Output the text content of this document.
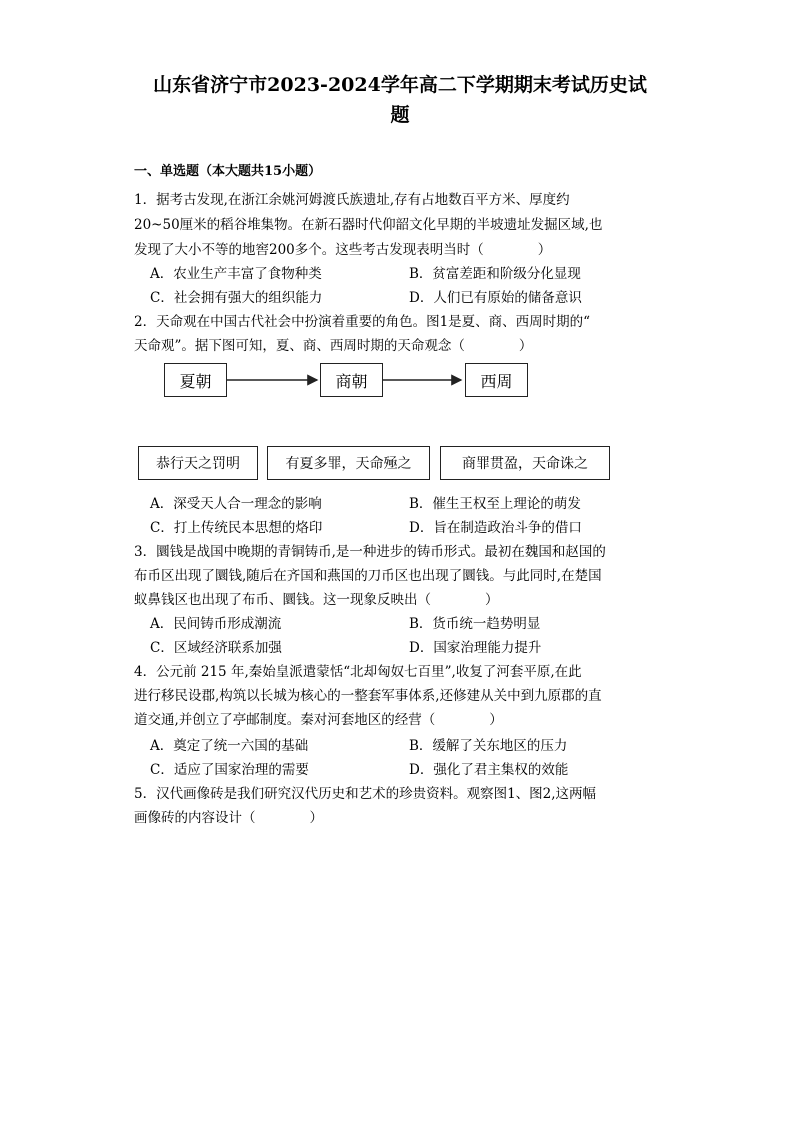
山东省济宁市2023-2024学年高二下学期期末考试历史试
题
一、单选题（本大题共15小题）
1．据考古发现,在浙江余姚河姆渡氏族遗址,存有占地数百平方米、厚度约
20~50厘米的稻谷堆集物。在新石器时代仰韶文化早期的半坡遗址发掘区域,也
发现了大小不等的地窖200多个。这些考古发现表明当时（　　　　）
A．农业生产丰富了食物种类	B．贫富差距和阶级分化显现
C．社会拥有强大的组织能力	D．人们已有原始的储备意识
2．天命观在中国古代社会中扮演着重要的角色。图1是夏、商、西周时期的“
天命观”。据下图可知，夏、商、西周时期的天命观念（　　　　）
夏朝	商朝	西周
恭行天之罚明	有夏多罪，天命殛之	商罪贯盈，天命诛之
A．深受天人合一理念的影响	B．催生王权至上理论的萌发
C．打上传统民本思想的烙印	D．旨在制造政治斗争的借口
3．圜钱是战国中晚期的青铜铸币,是一种进步的铸币形式。最初在魏国和赵国的
布币区出现了圜钱,随后在齐国和燕国的刀币区也出现了圜钱。与此同时,在楚国
蚁鼻钱区也出现了布币、圜钱。这一现象反映出（　　　　）
A．民间铸币形成潮流	B．货币统一趋势明显
C．区域经济联系加强	D．国家治理能力提升
4．公元前 215 年,秦始皇派遣蒙恬“北却匈奴七百里”,收复了河套平原,在此
进行移民设郡,构筑以长城为核心的一整套军事体系,还修建从关中到九原郡的直
道交通,并创立了亭邮制度。秦对河套地区的经营（　　　　）
A．奠定了统一六国的基础	B．缓解了关东地区的压力
C．适应了国家治理的需要	D．强化了君主集权的效能
5．汉代画像砖是我们研究汉代历史和艺术的珍贵资料。观察图1、图2,这两幅
画像砖的内容设计（　　　　）
